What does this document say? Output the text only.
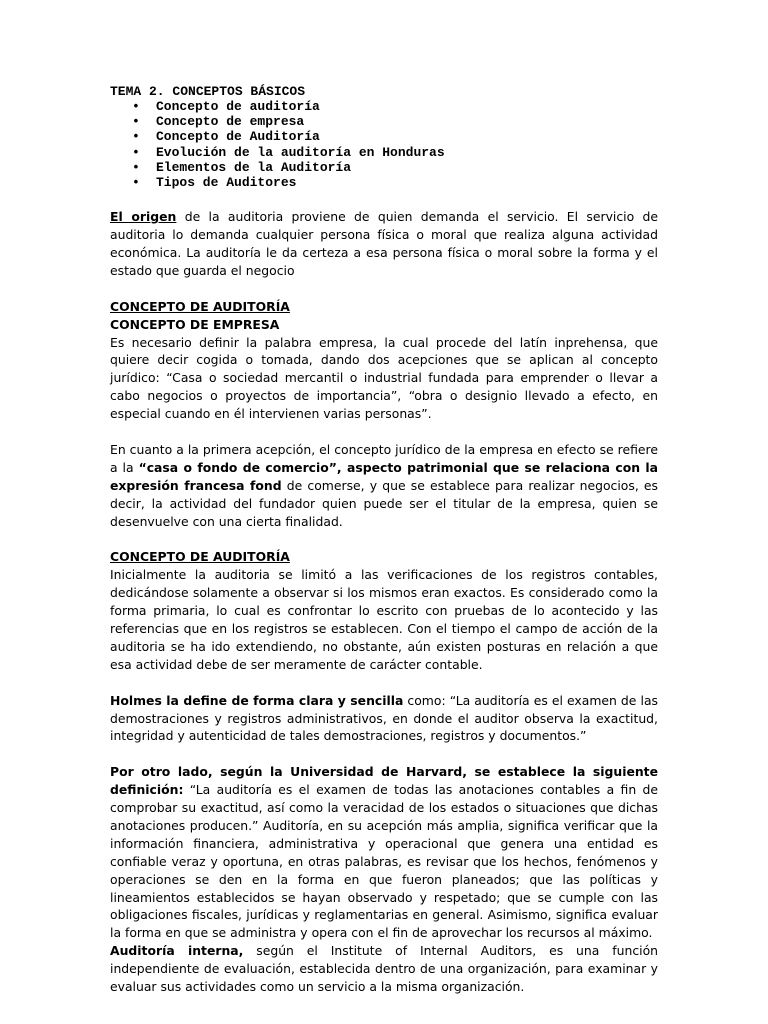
TEMA 2. CONCEPTOS BÁSICOS

• Concepto de auditoría
• Concepto de empresa
• Concepto de Auditoría
• Evolución de la auditoría en Honduras
• Elementos de la Auditoría
• Tipos de Auditores

El origen de la auditoria proviene de quien demanda el servicio. El servicio de auditoria lo demanda cualquier persona física o moral que realiza alguna actividad económica. La auditoría le da certeza a esa persona física o moral sobre la forma y el estado que guarda el negocio

CONCEPTO DE AUDITORÍA

CONCEPTO DE EMPRESA

Es necesario definir la palabra empresa, la cual procede del latín inprehensa, que quiere decir cogida o tomada, dando dos acepciones que se aplican al concepto jurídico: “Casa o sociedad mercantil o industrial fundada para emprender o llevar a cabo negocios o proyectos de importancia”, “obra o designio llevado a efecto, en especial cuando en él intervienen varias personas”.

En cuanto a la primera acepción, el concepto jurídico de la empresa en efecto se refiere a la “casa o fondo de comercio”, aspecto patrimonial que se relaciona con la expresión francesa fond de comerse, y que se establece para realizar negocios, es decir, la actividad del fundador quien puede ser el titular de la empresa, quien se desenvuelve con una cierta finalidad.

CONCEPTO DE AUDITORÍA

Inicialmente la auditoria se limitó a las verificaciones de los registros contables, dedicándose solamente a observar si los mismos eran exactos. Es considerado como la forma primaria, lo cual es confrontar lo escrito con pruebas de lo acontecido y las referencias que en los registros se establecen. Con el tiempo el campo de acción de la auditoria se ha ido extendiendo, no obstante, aún existen posturas en relación a que esa actividad debe de ser meramente de carácter contable.

Holmes la define de forma clara y sencilla como: “La auditoría es el examen de las demostraciones y registros administrativos, en donde el auditor observa la exactitud, integridad y autenticidad de tales demostraciones, registros y documentos.”

Por otro lado, según la Universidad de Harvard, se establece la siguiente definición: “La auditoría es el examen de todas las anotaciones contables a fin de comprobar su exactitud, así como la veracidad de los estados o situaciones que dichas anotaciones producen.” Auditoría, en su acepción más amplia, significa verificar que la información financiera, administrativa y operacional que genera una entidad es confiable veraz y oportuna, en otras palabras, es revisar que los hechos, fenómenos y operaciones se den en la forma en que fueron planeados; que las políticas y lineamientos establecidos se hayan observado y respetado; que se cumple con las obligaciones fiscales, jurídicas y reglamentarias en general. Asimismo, significa evaluar la forma en que se administra y opera con el fin de aprovechar los recursos al máximo.

Auditoría interna, según el Institute of Internal Auditors, es una función independiente de evaluación, establecida dentro de una organización, para examinar y evaluar sus actividades como un servicio a la misma organización.
